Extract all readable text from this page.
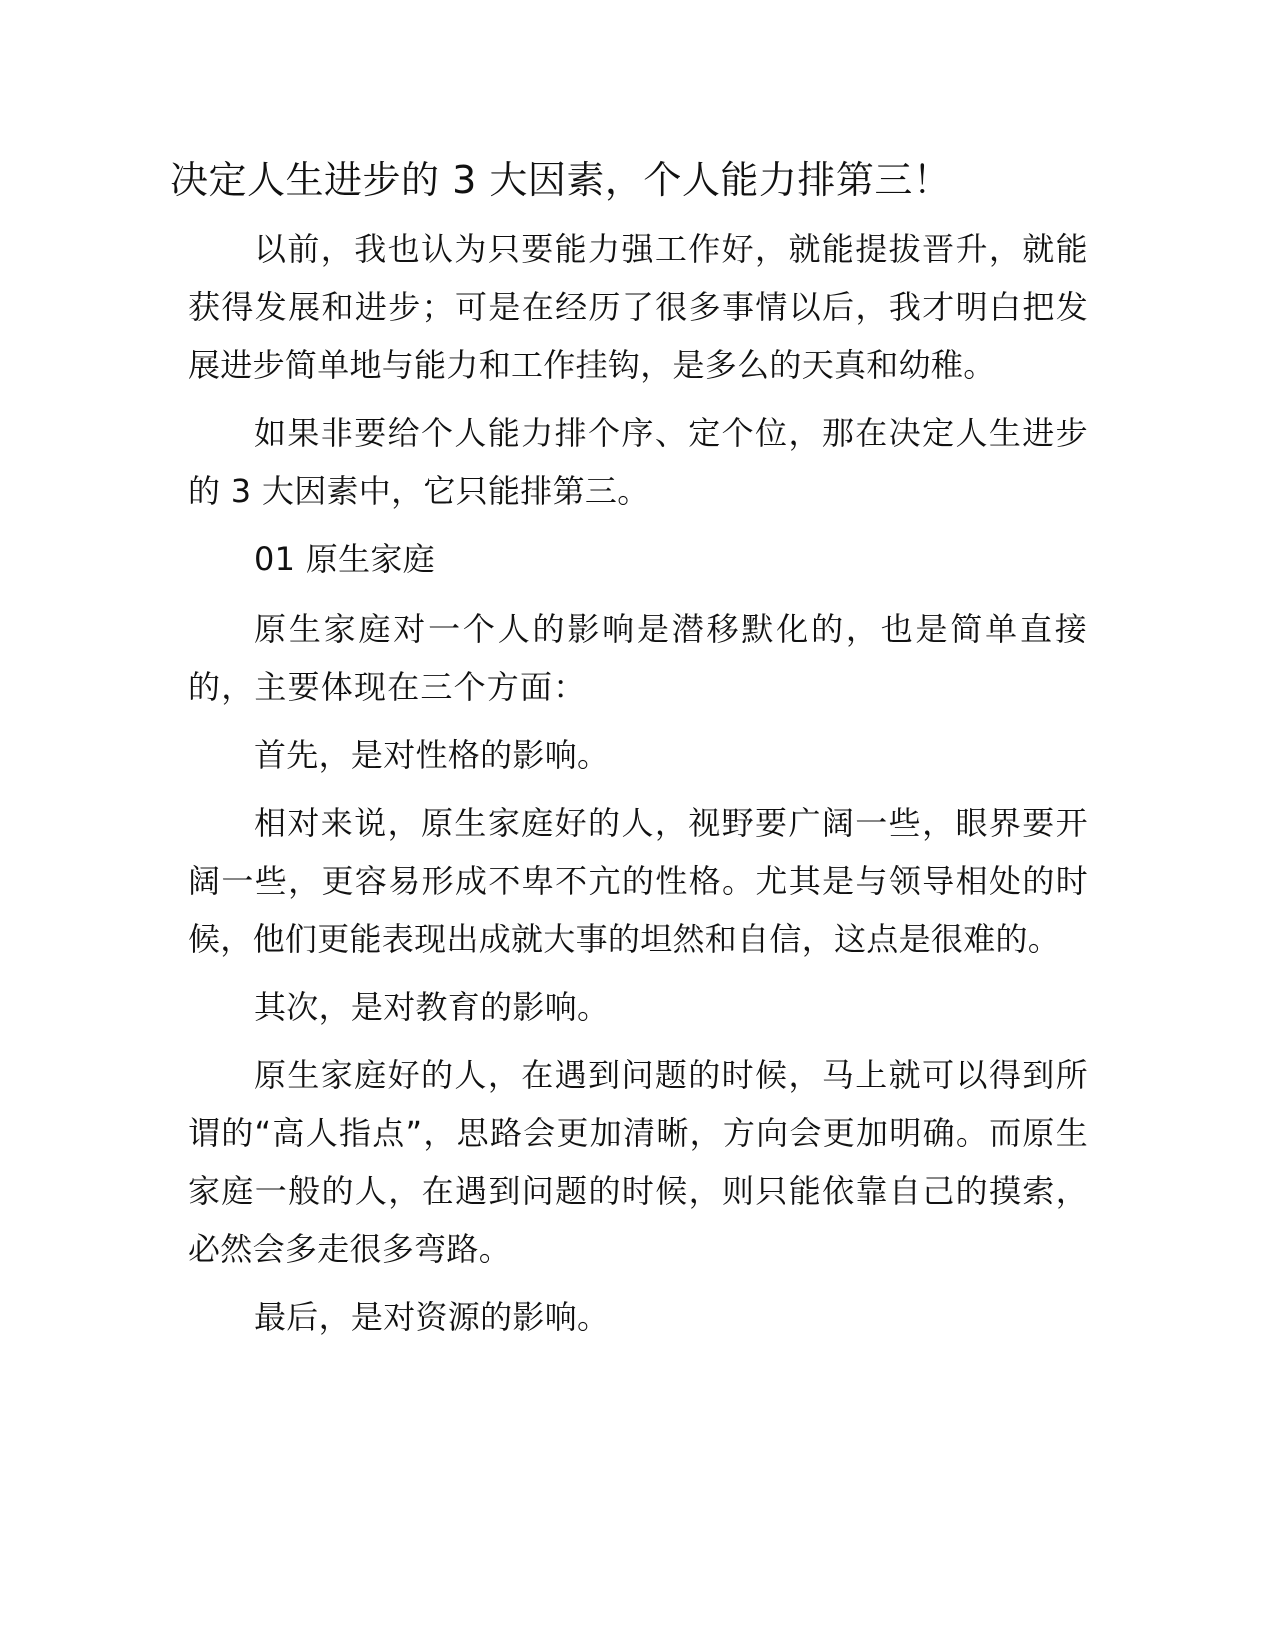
决定人生进步的 3 大因素，个人能力排第三！

以前，我也认为只要能力强工作好，就能提拔晋升，就能获得发展和进步；可是在经历了很多事情以后，我才明白把发展进步简单地与能力和工作挂钩，是多么的天真和幼稚。

如果非要给个人能力排个序、定个位，那在决定人生进步的 3 大因素中，它只能排第三。

01 原生家庭

原生家庭对一个人的影响是潜移默化的，也是简单直接的，主要体现在三个方面：

首先，是对性格的影响。

相对来说，原生家庭好的人，视野要广阔一些，眼界要开阔一些，更容易形成不卑不亢的性格。尤其是与领导相处的时候，他们更能表现出成就大事的坦然和自信，这点是很难的。

其次，是对教育的影响。

原生家庭好的人，在遇到问题的时候，马上就可以得到所谓的“高人指点”，思路会更加清晰，方向会更加明确。而原生家庭一般的人，在遇到问题的时候，则只能依靠自己的摸索，必然会多走很多弯路。

最后，是对资源的影响。
